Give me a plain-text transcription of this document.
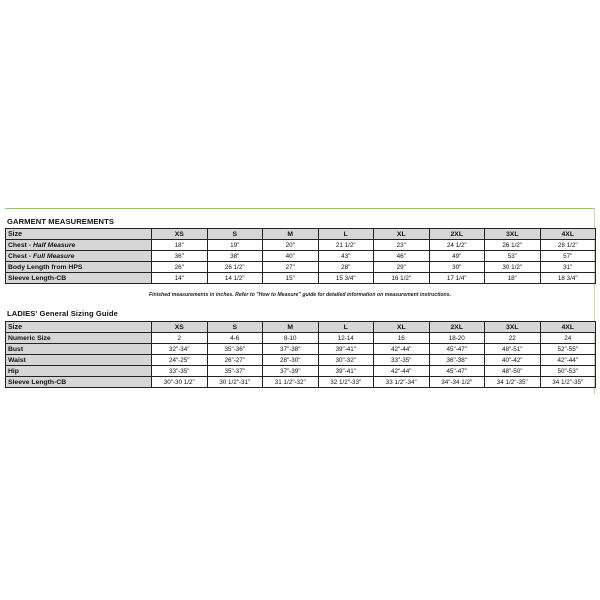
GARMENT MEASUREMENTS
Size	XS	S	M	L	XL	2XL	3XL	4XL
Chest - Half Measure	18"	19"	20"	21 1/2"	23"	24 1/2"	26 1/2"	28 1/2"
Chest - Full Measure	36"	38"	40"	43"	46"	49"	53"	57"
Body Length from HPS	26"	26 1/2"	27"	28"	29"	30"	30 1/2"	31"
Sleeve Length-CB	14"	14 1/2"	15"	15 3/4"	16 1/2"	17 1/4"	18"	18 3/4"
Finished measurements in inches. Refer to "How to Measure" guide for detailed information on measurement instructions.
LADIES' General Sizing Guide
Size	XS	S	M	L	XL	2XL	3XL	4XL
Numeric Size	2	4-6	8-10	12-14	16	18-20	22	24
Bust	32"-34"	35"-36"	37"-38"	39"-41"	42"-44"	45"-47"	48"-51"	52"-55"
Waist	24"-25"	26"-27"	28"-30"	30"-32"	33"-35"	36"-38"	40"-42"	42"-44"
Hip	33"-35"	35"-37"	37"-39"	39"-41"	42"-44"	45"-47"	48"-50"	50"-53"
Sleeve Length-CB	30"-30 1/2"	30 1/2"-31"	31 1/2"-32"	32 1/2"-33"	33 1/2"-34"	34"-34 1/2"	34 1/2"-35"	34 1/2"-35"
